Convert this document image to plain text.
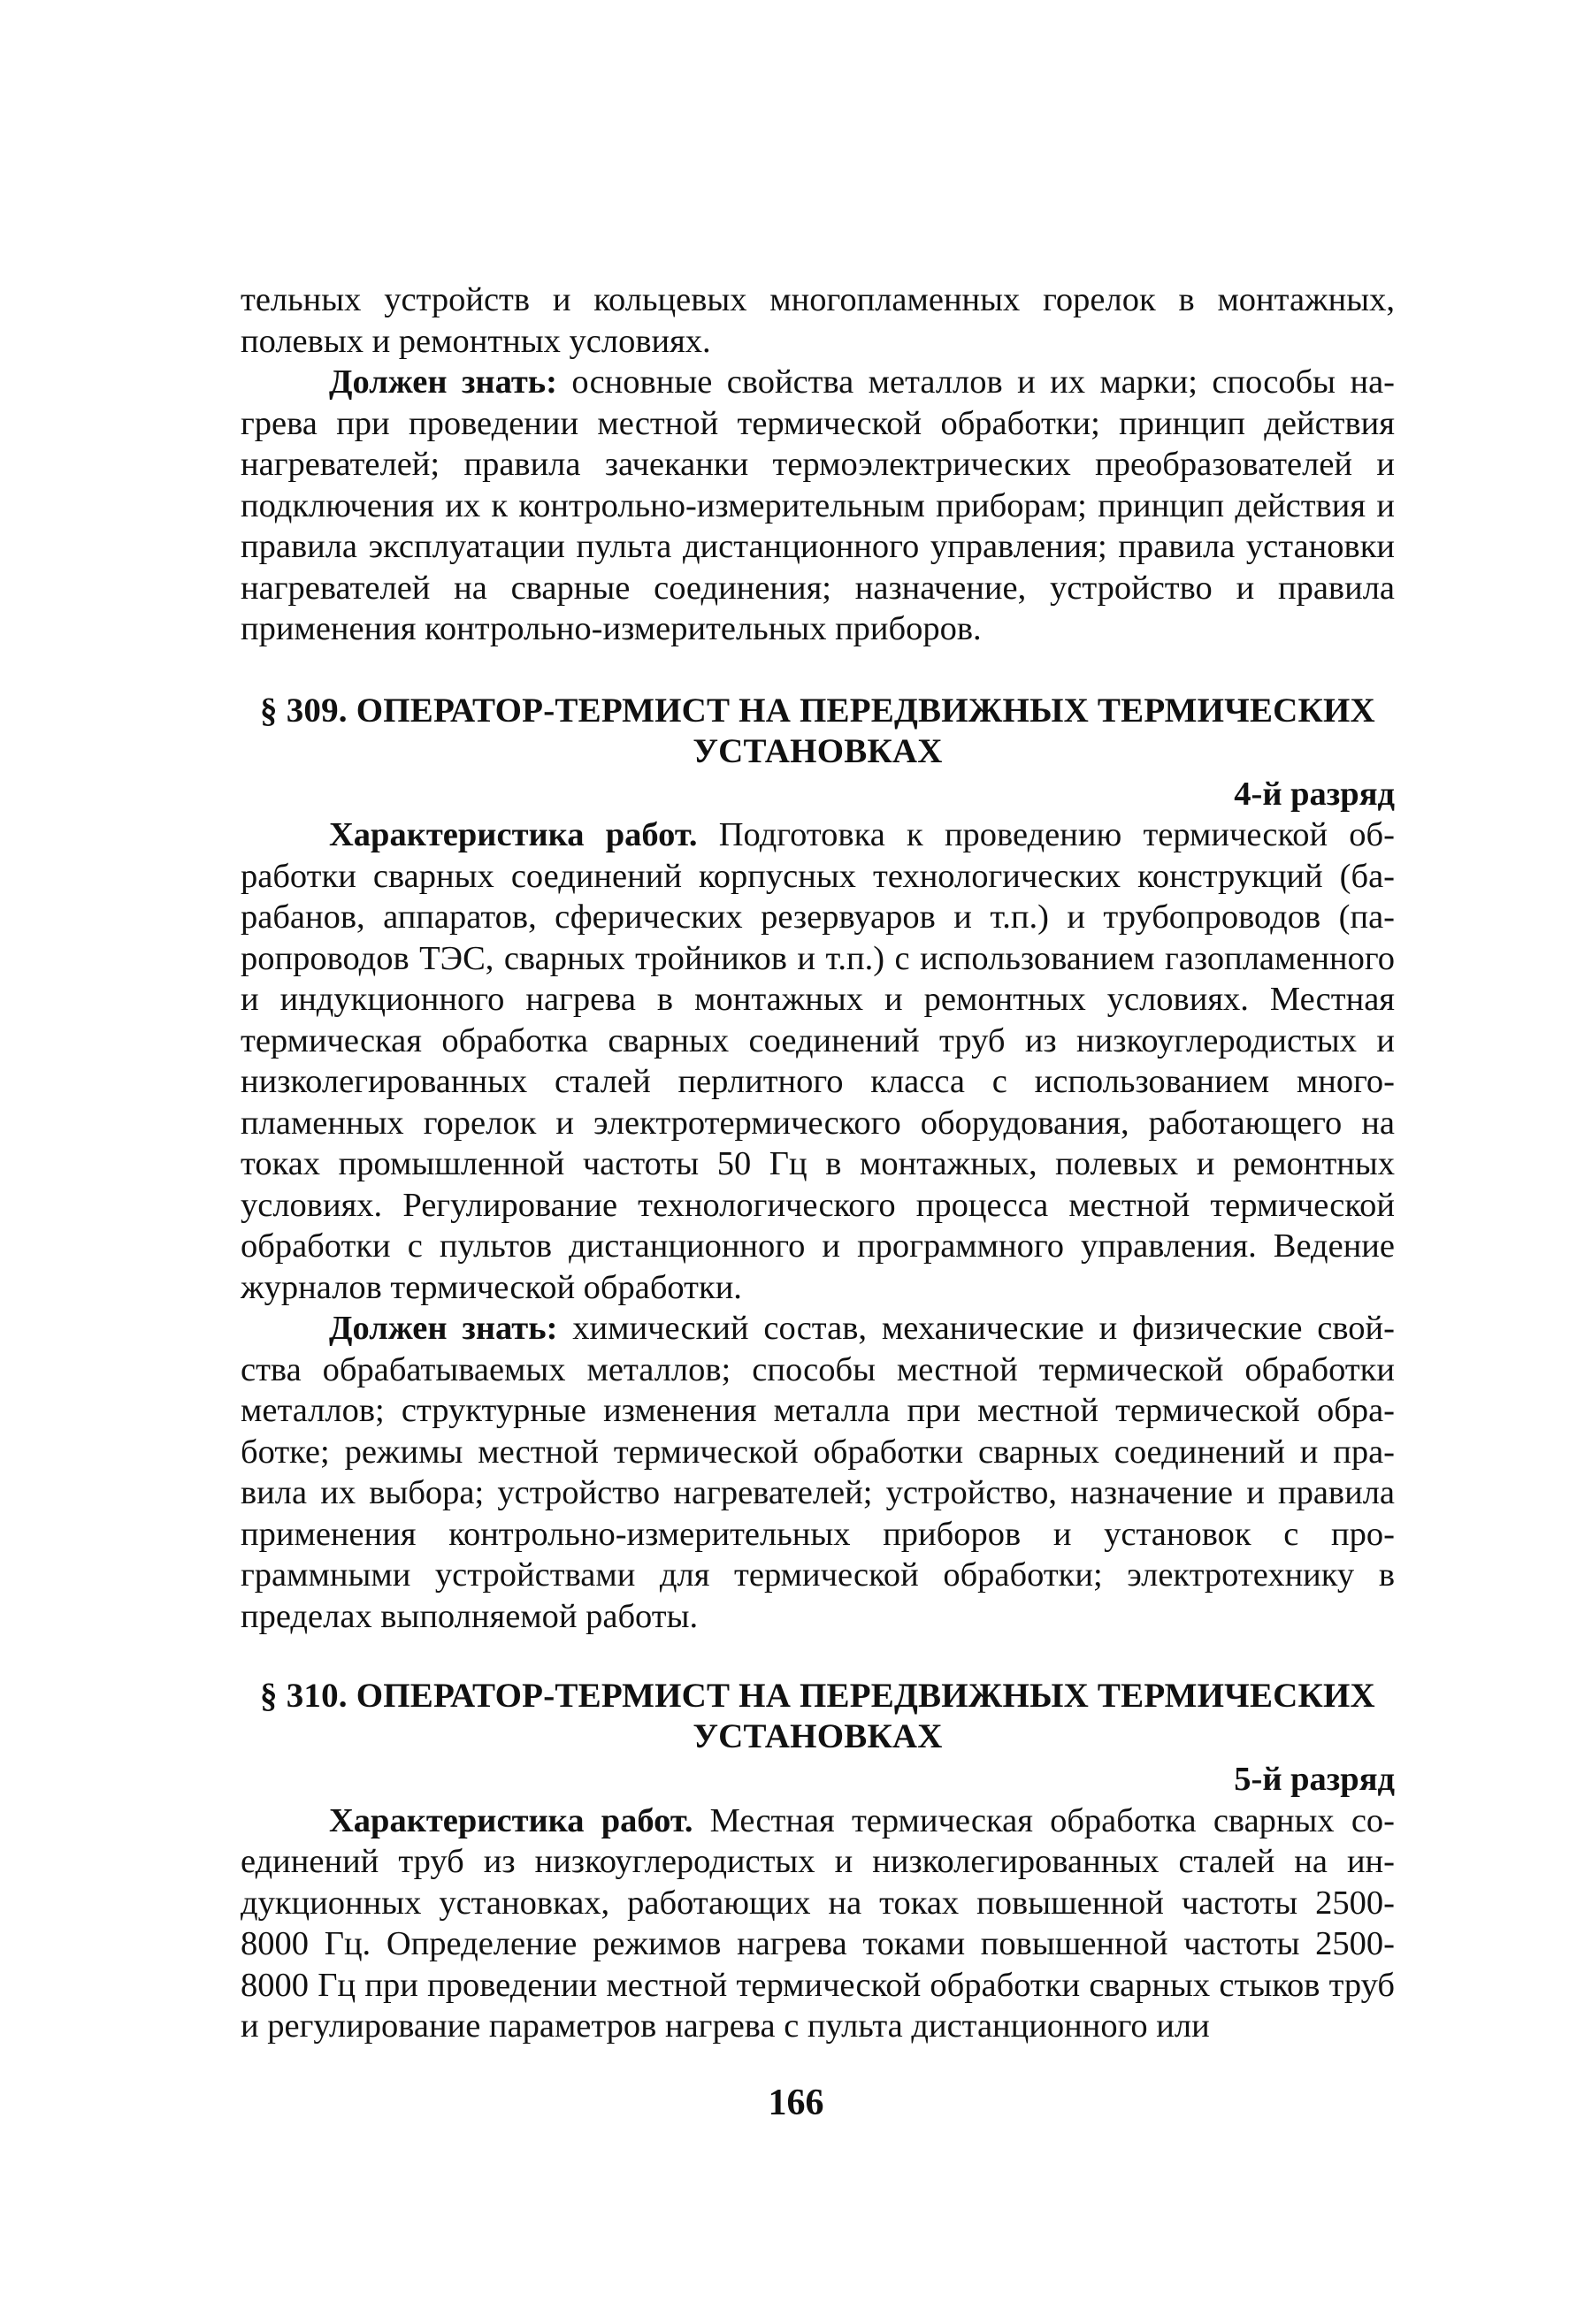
тельных устройств и кольцевых многопламенных горелок в монтажных, полевых и ремонтных условиях.

Должен знать: основные свойства металлов и их марки; способы нагрева при проведении местной термической обработки; принцип действия нагревателей; правила зачеканки термоэлектрических преобразователей и подключения их к контрольно-измерительным приборам; принцип действия и правила эксплуатации пульта дистанционного управления; правила установки нагревателей на сварные соединения; назначение, устройство и правила применения контрольно-измерительных приборов.

§ 309. ОПЕРАТОР-ТЕРМИСТ НА ПЕРЕДВИЖНЫХ ТЕРМИЧЕСКИХ УСТАНОВКАХ
4-й разряд

Характеристика работ. Подготовка к проведению термической обработки сварных соединений корпусных технологических конструкций (барабанов, аппаратов, сферических резервуаров и т.п.) и трубопроводов (паропроводов ТЭС, сварных тройников и т.п.) с использованием газопламенного и индукционного нагрева в монтажных и ремонтных условиях. Местная термическая обработка сварных соединений труб из низкоуглеродистых и низколегированных сталей перлитного класса с использованием многопламенных горелок и электротермического оборудования, работающего на токах промышленной частоты 50 Гц в монтажных, полевых и ремонтных условиях. Регулирование технологического процесса местной термической обработки с пультов дистанционного и программного управления. Ведение журналов термической обработки.

Должен знать: химический состав, механические и физические свойства обрабатываемых металлов; способы местной термической обработки металлов; структурные изменения металла при местной термической обработке; режимы местной термической обработки сварных соединений и правила их выбора; устройство нагревателей; устройство, назначение и правила применения контрольно-измерительных приборов и установок с программными устройствами для термической обработки; электротехнику в пределах выполняемой работы.

§ 310. ОПЕРАТОР-ТЕРМИСТ НА ПЕРЕДВИЖНЫХ ТЕРМИЧЕСКИХ УСТАНОВКАХ
5-й разряд

Характеристика работ. Местная термическая обработка сварных соединений труб из низкоуглеродистых и низколегированных сталей на индукционных установках, работающих на токах повышенной частоты 2500-8000 Гц. Определение режимов нагрева токами повышенной частоты 2500-8000 Гц при проведении местной термической обработки сварных стыков труб и регулирование параметров нагрева с пульта дистанционного или

166
